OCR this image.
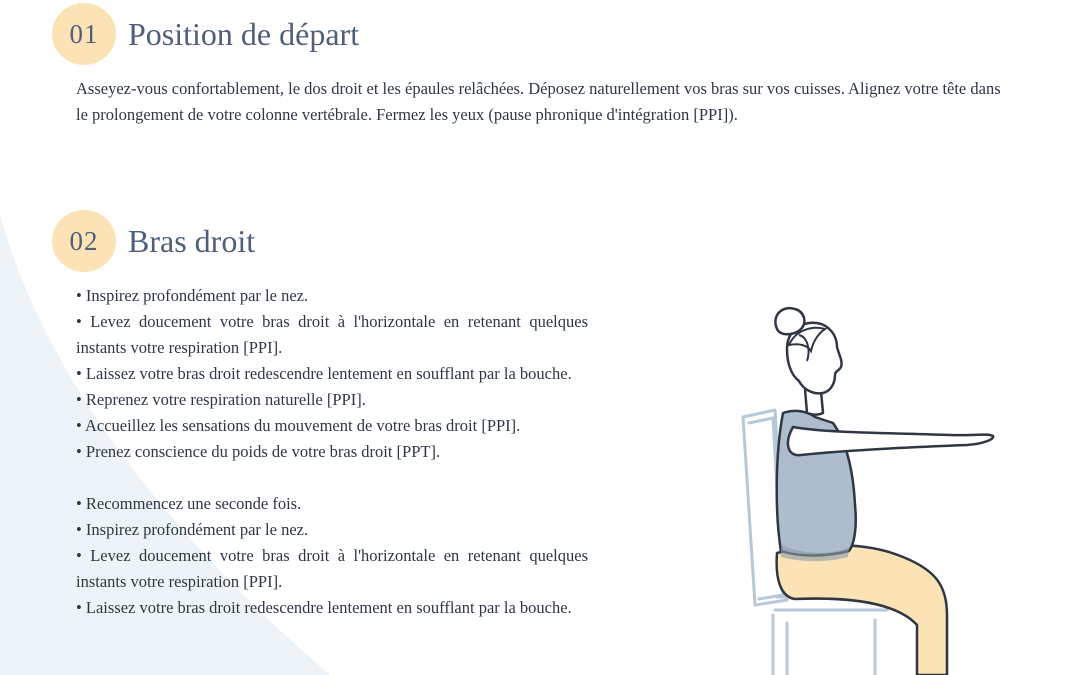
01 Position de départ

Asseyez-vous confortablement, le dos droit et les épaules relâchées. Déposez naturellement vos bras sur vos cuisses. Alignez votre tête dans le prolongement de votre colonne vertébrale. Fermez les yeux (pause phronique d'intégration [PPI]).

02 Bras droit
• Inspirez profondément par le nez.
• Levez doucement votre bras droit à l'horizontale en retenant quelques instants votre respiration [PPI].
• Laissez votre bras droit redescendre lentement en soufflant par la bouche.
• Reprenez votre respiration naturelle [PPI].
• Accueillez les sensations du mouvement de votre bras droit [PPI].
• Prenez conscience du poids de votre bras droit [PPT].
• Recommencez une seconde fois.
• Inspirez profondément par le nez.
• Levez doucement votre bras droit à l'horizontale en retenant quelques instants votre respiration [PPI].
• Laissez votre bras droit redescendre lentement en soufflant par la bouche.
